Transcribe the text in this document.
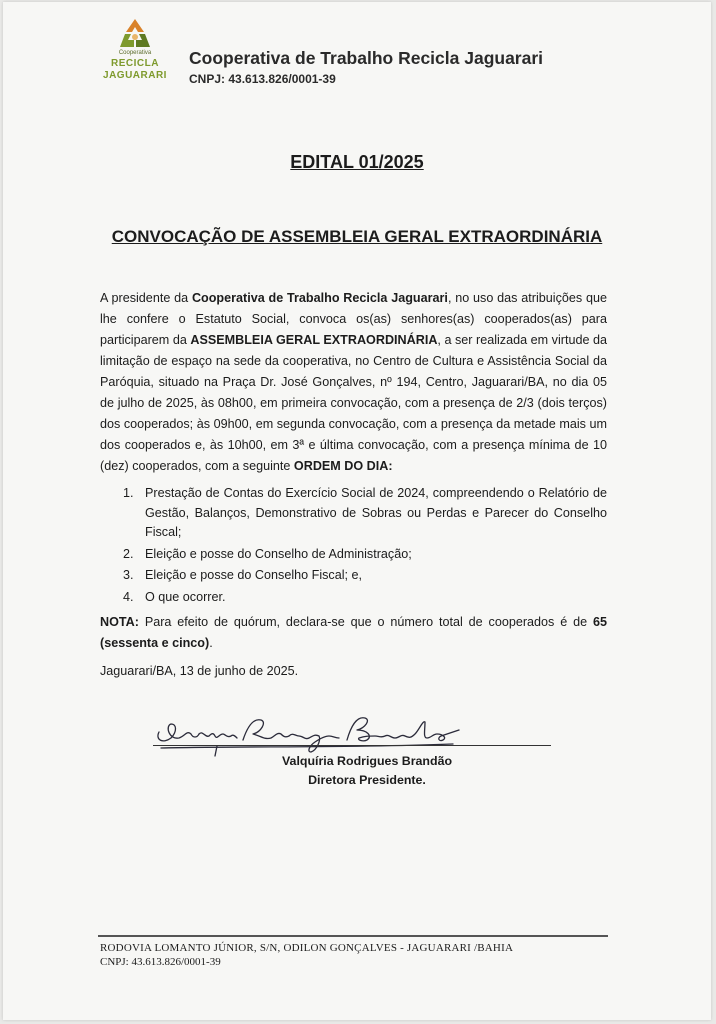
Cooperativa
RECICLA
JAGUARARI
Cooperativa de Trabalho Recicla Jaguarari
CNPJ: 43.613.826/0001-39
EDITAL 01/2025
CONVOCAÇÃO DE ASSEMBLEIA GERAL EXTRAORDINÁRIA

A presidente da Cooperativa de Trabalho Recicla Jaguarari, no uso das atribuições que lhe confere o Estatuto Social, convoca os(as) senhores(as) cooperados(as) para participarem da ASSEMBLEIA GERAL EXTRAORDINÁRIA, a ser realizada em virtude da limitação de espaço na sede da cooperativa, no Centro de Cultura e Assistência Social da Paróquia, situado na Praça Dr. José Gonçalves, nº 194, Centro, Jaguarari/BA, no dia 05 de julho de 2025, às 08h00, em primeira convocação, com a presença de 2/3 (dois terços) dos cooperados; às 09h00, em segunda convocação, com a presença da metade mais um dos cooperados e, às 10h00, em 3ª e última convocação, com a presença mínima de 10 (dez) cooperados, com a seguinte ORDEM DO DIA:

1. Prestação de Contas do Exercício Social de 2024, compreendendo o Relatório de Gestão, Balanços, Demonstrativo de Sobras ou Perdas e Parecer do Conselho Fiscal;
2. Eleição e posse do Conselho de Administração;
3. Eleição e posse do Conselho Fiscal; e,
4. O que ocorrer.

NOTA: Para efeito de quórum, declara-se que o número total de cooperados é de 65 (sessenta e cinco).

Jaguarari/BA, 13 de junho de 2025.
Valquíria Rodrigues Brandão
Diretora Presidente.
RODOVIA LOMANTO JÚNIOR, S/N, ODILON GONÇALVES - JAGUARARI /BAHIA
CNPJ: 43.613.826/0001-39
